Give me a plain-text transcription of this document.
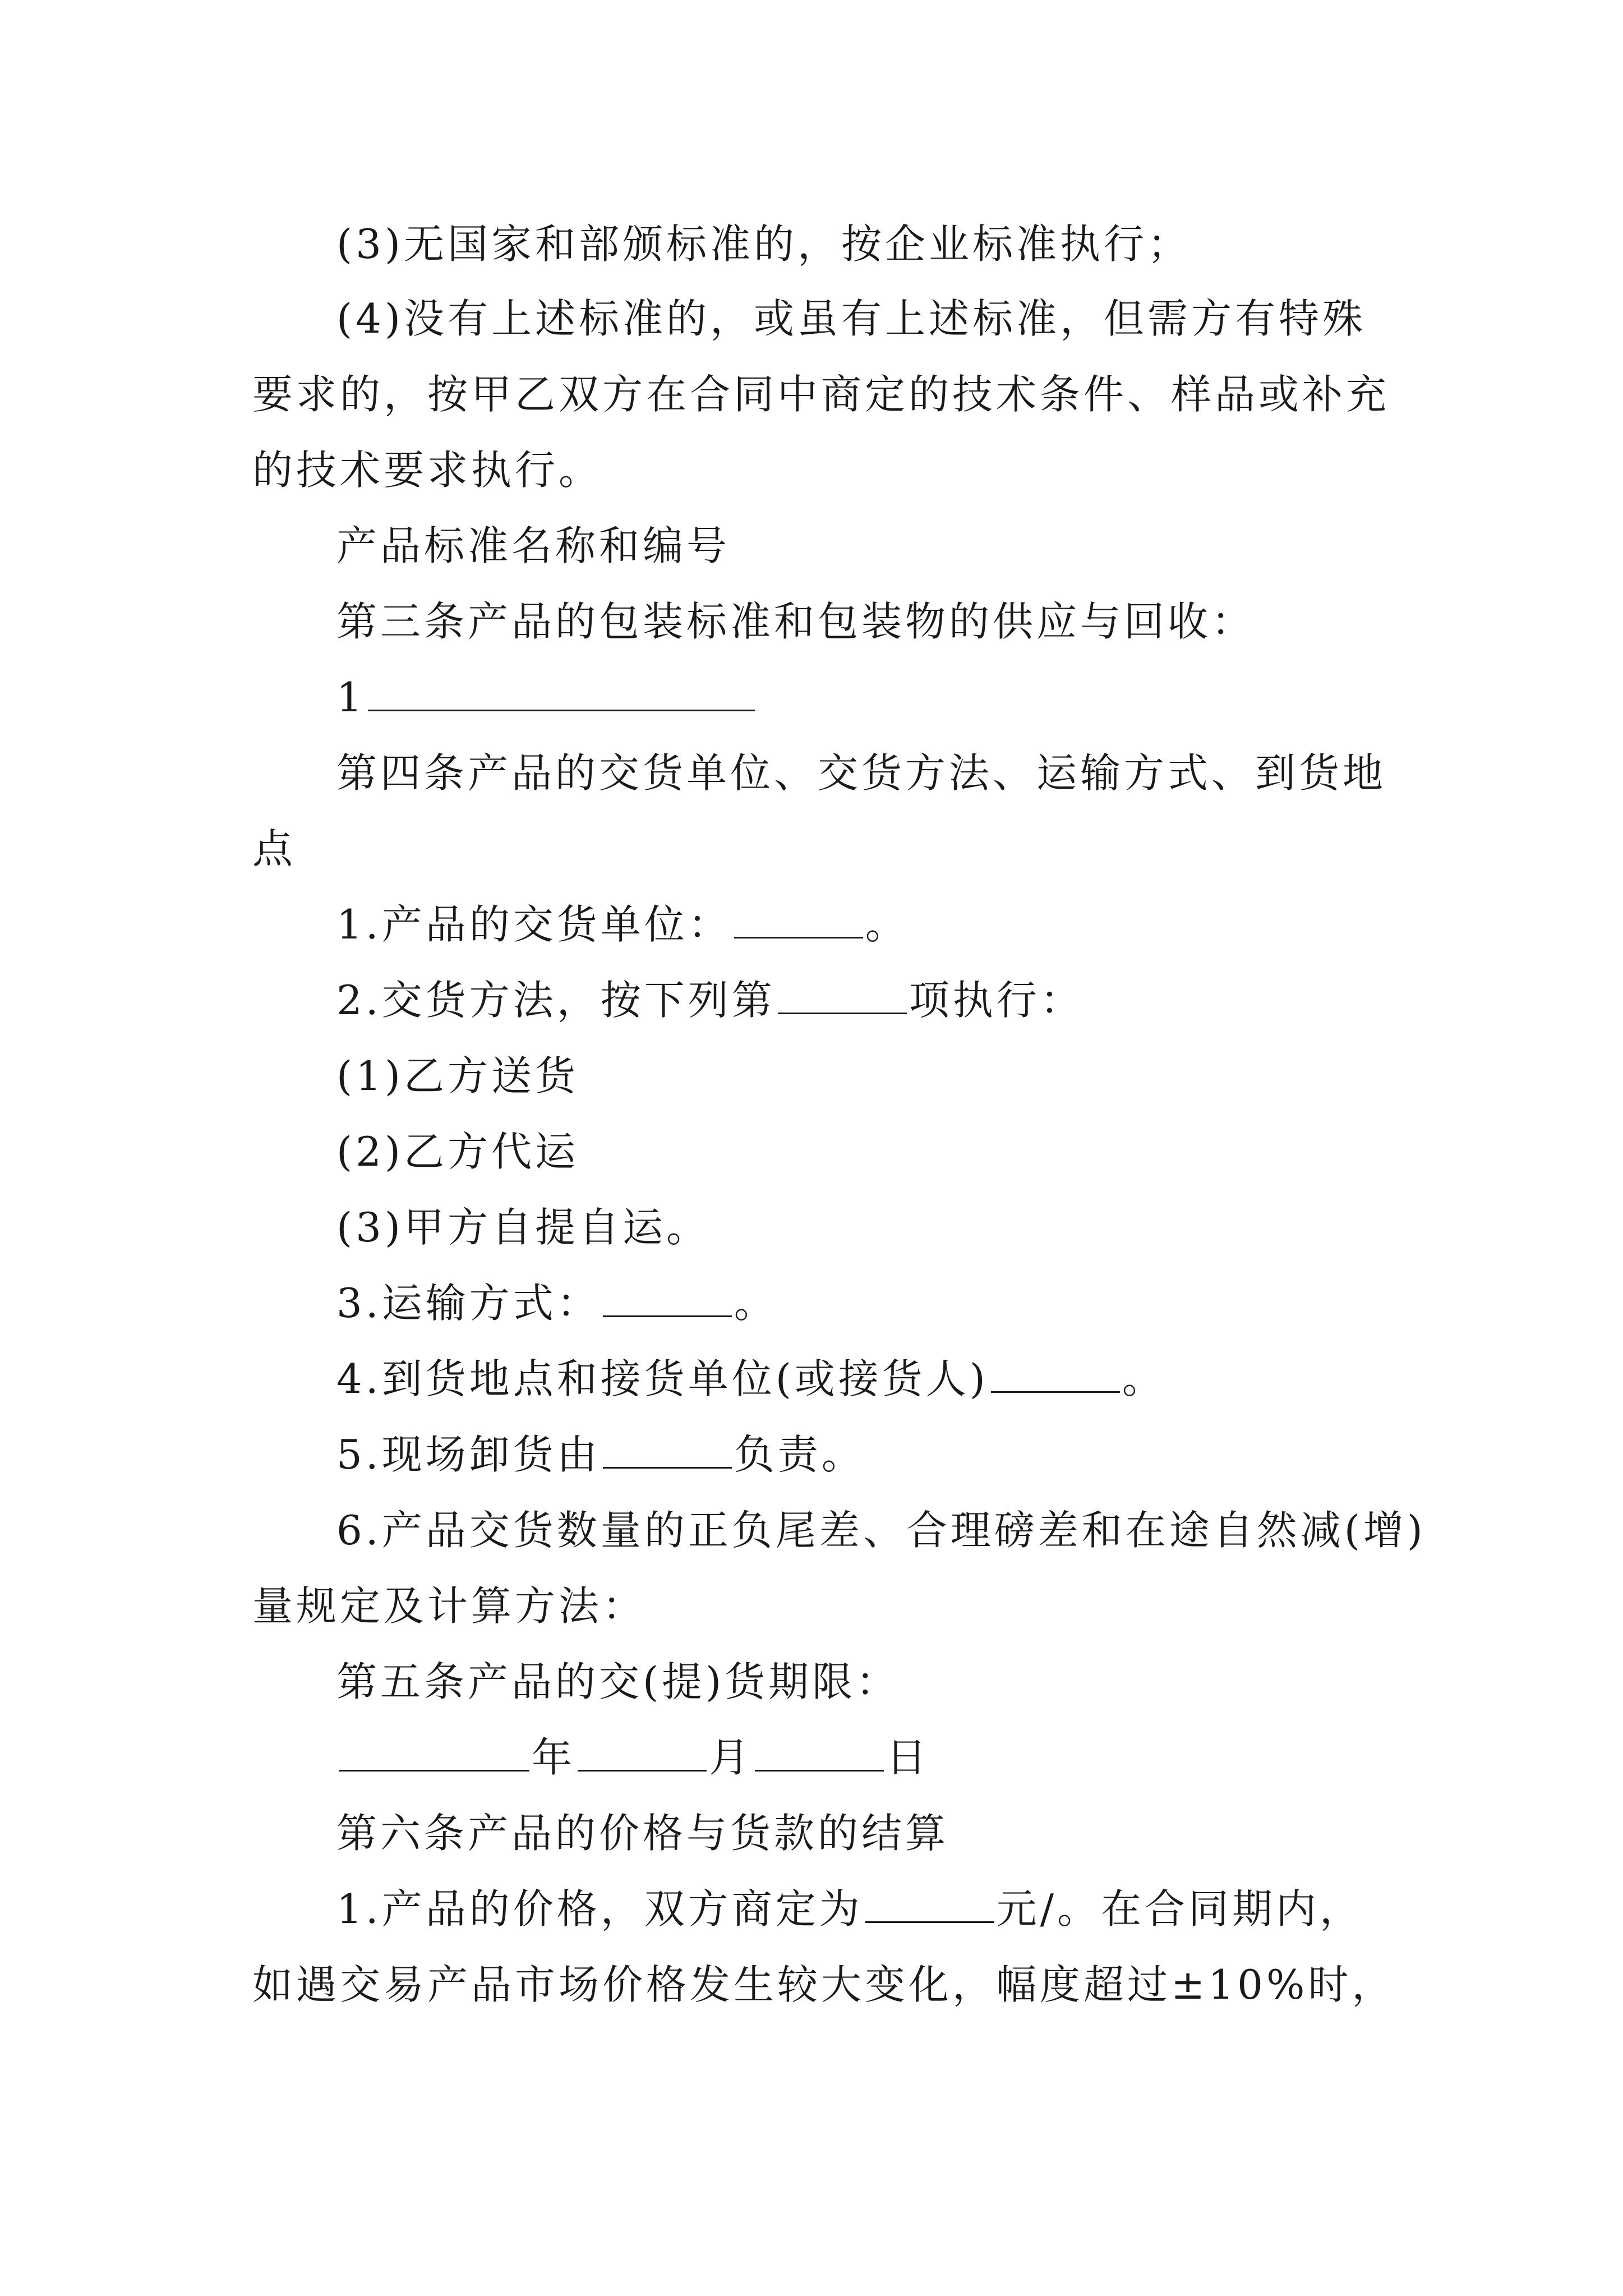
(3)无国家和部颁标准的，按企业标准执行；
(4)没有上述标准的，或虽有上述标准，但需方有特殊
要求的，按甲乙双方在合同中商定的技术条件、样品或补充
的技术要求执行。
产品标准名称和编号
第三条产品的包装标准和包装物的供应与回收：
1
第四条产品的交货单位、交货方法、运输方式、到货地
点
1.产品的交货单位：	。
2.交货方法，按下列第	项执行：
(1)乙方送货
(2)乙方代运
(3)甲方自提自运。
3.运输方式：	。
4.到货地点和接货单位(或接货人)	。
5.现场卸货由	负责。
6.产品交货数量的正负尾差、合理磅差和在途自然减(增)
量规定及计算方法：
第五条产品的交(提)货期限：
年	月	日
第六条产品的价格与货款的结算
1.产品的价格，双方商定为	元/。在合同期内，
如遇交易产品市场价格发生较大变化，幅度超过±10%时，
